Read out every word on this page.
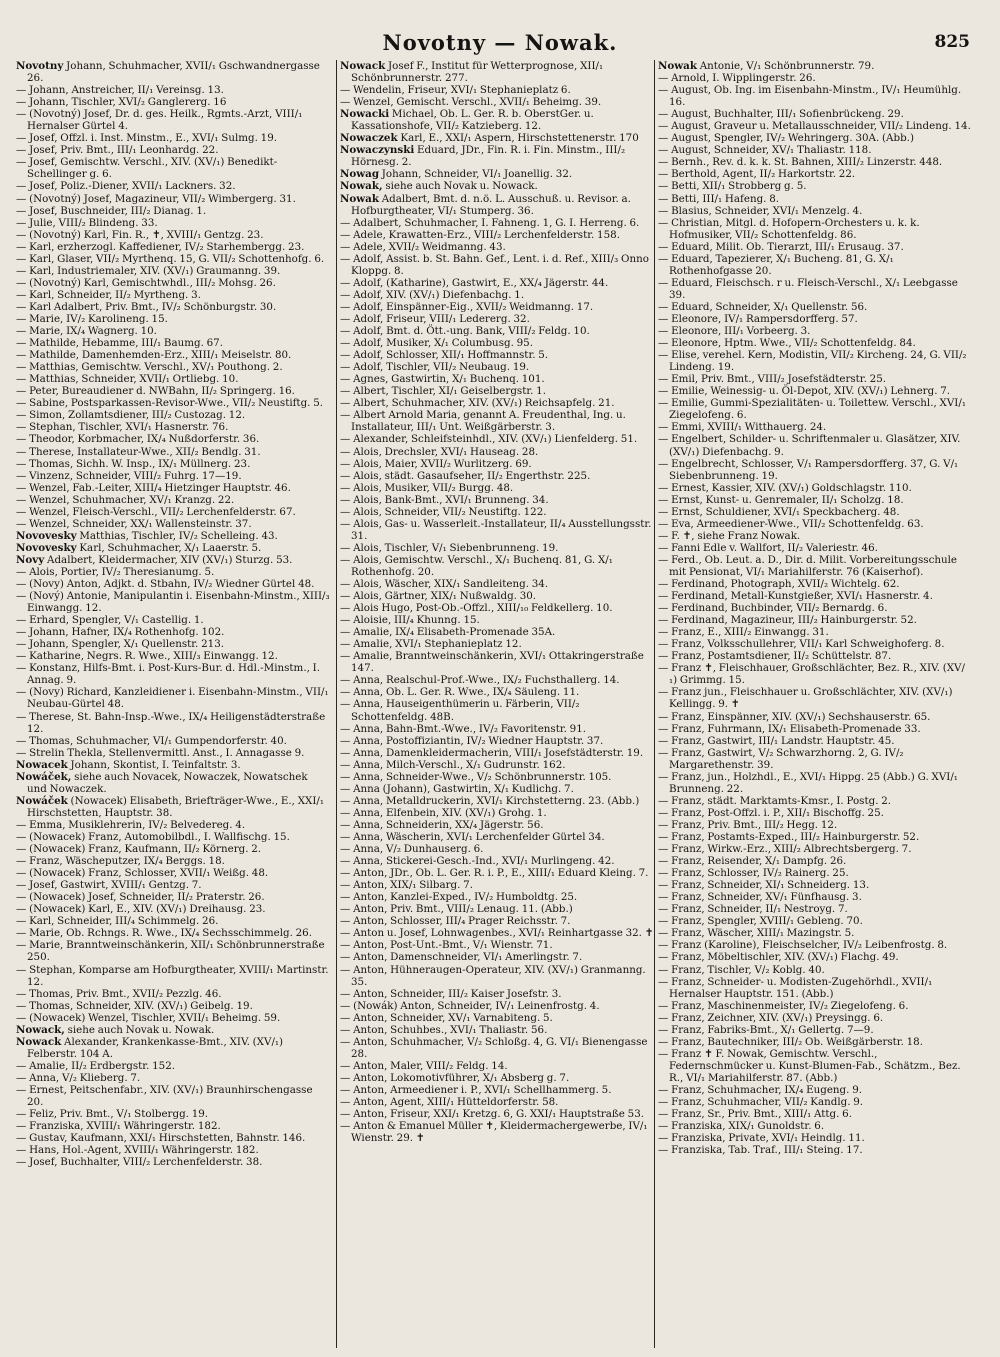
Novotny — Nowak.	825
Novotny Johann, Schuhmacher, XVII/₁ Gschwandnergasse 26.
— Johann, Anstreicher, II/₁ Vereinsg. 13.
— Johann, Tischler, XVI/₂ Ganglererg. 16
— (Novotný) Josef, Dr. d. ges. Heilk., Rgmts.-Arzt, VIII/₁ Hernalser Gürtel 4.
— Josef, Offzl. i. Inst. Minstm., E., XVI/₁ Sulmg. 19.
— Josef, Priv. Bmt., III/₁ Leonhardg. 22.
— Josef, Gemischtw. Verschl., XIV. (XV/₁) Benedikt-Schellinger g. 6.
— Josef, Poliz.-Diener, XVII/₁ Lackners. 32.
— (Novotný) Josef, Magazineur, VII/₂ Wimbergerg. 31.
— Josef, Buschneider, III/₂ Dianag. 1.
— Julie, VIII/₂ Blindeng. 33.
— (Novotný) Karl, Fin. R., ✝, XVIII/₁ Gentzg. 23.
— Karl, erzherzogl. Kaffediener, IV/₂ Starhembergg. 23.
— Karl, Glaser, VII/₂ Myrthenq. 15, G. VII/₂ Schottenhofg. 6.
— Karl, Industriemaler, XIV. (XV/₁) Graumanng. 39.
— (Novotný) Karl, Gemischtwhdl., III/₂ Mohsg. 26.
— Karl, Schneider, II/₂ Myrtheng. 3.
— Karl Adalbert, Priv. Bmt., IV/₂ Schönburgstr. 30.
— Marie, IV/₂ Karolineng. 15.
— Marie, IX/₄ Wagnerg. 10.
— Mathilde, Hebamme, III/₁ Baumg. 67.
— Mathilde, Damenhemden-Erz., XIII/₁ Meiselstr. 80.
— Matthias, Gemischtw. Verschl., XV/₁ Pouthong. 2.
— Matthias, Schneider, XVII/₁ Ortliebg. 10.
— Peter, Bureaudiener d. NWBahn, II/₂ Springerg. 16.
— Sabine, Postsparkassen-Revisor-Wwe., VII/₂ Neustiftg. 5.
— Simon, Zollamtsdiener, III/₂ Custozag. 12.
— Stephan, Tischler, XVI/₁ Hasnerstr. 76.
— Theodor, Korbmacher, IX/₄ Nußdorferstr. 36.
— Therese, Installateur-Wwe., XII/₂ Bendlg. 31.
— Thomas, Sichh. W. Insp., IX/₁ Müllnerg. 23.
— Vinzenz, Schneider, VIII/₂ Fuhrg. 17—19.
— Wenzel, Fab.-Leiter, XIII/₄ Hietzinger Hauptstr. 46.
— Wenzel, Schuhmacher, XV/₁ Kranzg. 22.
— Wenzel, Fleisch-Verschl., VII/₂ Lerchenfelderstr. 67.
— Wenzel, Schneider, XX/₁ Wallensteinstr. 37.
Novovesky Matthias, Tischler, IV/₂ Schelleing. 43.
Novovesky Karl, Schuhmacher, X/₁ Laaerstr. 5.
Novy Adalbert, Kleidermacher, XIV (XV/₁) Sturzg. 53.
— Alois, Portier, IV/₂ Theresianumg. 5.
— (Novy) Anton, Adjkt. d. Stbahn, IV/₂ Wiedner Gürtel 48.
— (Nový) Antonie, Manipulantin i. Eisenbahn-Minstm., XIII/₃ Einwangg. 12.
— Erhard, Spengler, V/₁ Castellig. 1.
— Johann, Hafner, IX/₄ Rothenhofg. 102.
— Johann, Spengler, X/₁ Quellenstr. 213.
— Katharine, Negrs. R. Wwe., XIII/₃ Einwangg. 12.
— Konstanz, Hilfs-Bmt. i. Post-Kurs-Bur. d. Hdl.-Minstm., I. Annag. 9.
— (Novy) Richard, Kanzleidiener i. Eisenbahn-Minstm., VII/₁ Neubau-Gürtel 48.
— Therese, St. Bahn-Insp.-Wwe., IX/₄ Heiligenstädterstraße 12.
— Thomas, Schuhmacher, VI/₁ Gumpendorferstr. 40.
— Strelin Thekla, Stellenvermittl. Anst., I. Annagasse 9.
Nowacek Johann, Skontist, I. Teinfaltstr. 3.
Nowáček, siehe auch Novacek, Nowaczek, Nowatschek und Nowaczek.
Nowáček (Nowacek) Elisabeth, Briefträger-Wwe., E., XXI/₁ Hirschstetten, Hauptstr. 38.
— Emma, Musiklehrerin, IV/₂ Belvedereg. 4.
— (Nowacek) Franz, Automobilbdl., I. Wallfischg. 15.
— (Nowacek) Franz, Kaufmann, II/₂ Körnerg. 2.
— Franz, Wäscheputzer, IX/₄ Berggs. 18.
— (Nowacek) Franz, Schlosser, XVII/₁ Weißg. 48.
— Josef, Gastwirt, XVIII/₁ Gentzg. 7.
— (Nowacek) Josef, Schneider, II/₂ Praterstr. 26.
— (Nowacek) Karl, E., XIV. (XV/₁) Dreihausg. 23.
— Karl, Schneider, III/₄ Schimmelg. 26.
— Marie, Ob. Rchngs. R. Wwe., IX/₄ Sechsschimmelg. 26.
— Marie, Branntweinschänkerin, XII/₁ Schönbrunnerstraße 250.
— Stephan, Komparse am Hofburgtheater, XVIII/₁ Martinstr. 12.
— Thomas, Priv. Bmt., XVII/₂ Pezzlg. 46.
— Thomas, Schneider, XIV. (XV/₁) Geibelg. 19.
— (Nowacek) Wenzel, Tischler, XVII/₁ Beheimg. 59.
Nowack, siehe auch Novak u. Nowak.
Nowack Alexander, Krankenkasse-Bmt., XIV. (XV/₁) Felberstr. 104 A.
— Amalie, II/₂ Erdbergstr. 152.
— Anna, V/₂ Klieberg. 7.
— Ernest, Peitschenfabr., XIV. (XV/₁) Braunhirschengasse 20.
— Feliz, Priv. Bmt., V/₁ Stolbergg. 19.
— Franziska, XVIII/₁ Währingerstr. 182.
— Gustav, Kaufmann, XXI/₁ Hirschstetten, Bahnstr. 146.
— Hans, Hol.-Agent, XVIII/₁ Währingerstr. 182.
— Josef, Buchhalter, VIII/₂ Lerchenfelderstr. 38.
Nowack Josef F., Institut für Wetterprognose, XII/₁ Schönbrunnerstr. 277.
— Wendelin, Friseur, XVI/₁ Stephanieplatz 6.
— Wenzel, Gemischt. Verschl., XVII/₁ Beheimg. 39.
Nowacki Michael, Ob. L. Ger. R. b. OberstGer. u. Kassationshofe, VII/₂ Katzieberg. 12.
Nowaczek Karl, E., XXI/₁ Aspern, Hirschstettenerstr. 170
Nowaczynski Eduard, JDr., Fin. R. i. Fin. Minstm., III/₂ Hörnesg. 2.
Nowag Johann, Schneider, VI/₁ Joanellig. 32.
Nowak, siehe auch Novak u. Nowack.
Nowak Adalbert, Bmt. d. n.ö. L. Ausschuß. u. Revisor. a. Hofburgtheater, VI/₁ Stumperg. 36.
— Adalbert, Schuhmacher, I. Fahneng. 1, G. I. Herreng. 6.
— Adele, Krawatten-Erz., VIII/₂ Lerchenfelderstr. 158.
— Adele, XVII/₂ Weidmanng. 43.
— Adolf, Assist. b. St. Bahn. Gef., Lent. i. d. Ref., XIII/₃ Onno Kloppg. 8.
— Adolf, (Katharine), Gastwirt, E., XX/₄ Jägerstr. 44.
— Adolf, XIV. (XV/₁) Diefenbachg. 1.
— Adolf, Einspänner-Eig., XVII/₂ Weidmanng. 17.
— Adolf, Friseur, VIII/₁ Ledererg. 32.
— Adolf, Bmt. d. Ött.-ung. Bank, VIII/₂ Feldg. 10.
— Adolf, Musiker, X/₁ Columbusg. 95.
— Adolf, Schlosser, XII/₁ Hoffmannstr. 5.
— Adolf, Tischler, VII/₂ Neubaug. 19.
— Agnes, Gastwirtin, X/₁ Buchenq. 101.
— Albert, Tischler, XI/₁ Geiselbergstr. 1.
— Albert, Schuhmacher, XIV. (XV/₁) Reichsapfelg. 21.
— Albert Arnold Maria, genannt A. Freudenthal, Ing. u. Installateur, III/₁ Unt. Weißgärberstr. 3.
— Alexander, Schleifsteinhdl., XIV. (XV/₁) Lienfelderg. 51.
— Alois, Drechsler, XVI/₁ Hauseag. 28.
— Alois, Maier, XVII/₂ Wurlitzerg. 69.
— Alois, städt. Gasaufseher, II/₂ Engerthstr. 225.
— Alois, Musiker, VII/₂ Burgg. 48.
— Alois, Bank-Bmt., XVI/₁ Brunneng. 34.
— Alois, Schneider, VII/₂ Neustiftg. 122.
— Alois, Gas- u. Wasserleit.-Installateur, II/₄ Ausstellungsstr. 31.
— Alois, Tischler, V/₁ Siebenbrunneng. 19.
— Alois, Gemischtw. Verschl., X/₁ Buchenq. 81, G. X/₁ Rothenhofg. 20.
— Alois, Wäscher, XIX/₁ Sandleiteng. 34.
— Alois, Gärtner, XIX/₁ Nußwaldg. 30.
— Alois Hugo, Post-Ob.-Offzl., XIII/₁₀ Feldkellerg. 10.
— Aloisie, III/₄ Khunng. 15.
— Amalie, IX/₄ Elisabeth-Promenade 35A.
— Amalie, XVI/₁ Stephanieplatz 12.
— Amalie, Branntweinschänkerin, XVI/₁ Ottakringerstraße 147.
— Anna, Realschul-Prof.-Wwe., IX/₂ Fuchsthallerg. 14.
— Anna, Ob. L. Ger. R. Wwe., IX/₄ Säuleng. 11.
— Anna, Hauseigenthümerin u. Färberin, VII/₂ Schottenfeldg. 48B.
— Anna, Bahn-Bmt.-Wwe., IV/₂ Favoritenstr. 91.
— Anna, Postoffiziantin, IV/₂ Wiedner Hauptstr. 37.
— Anna, Damenkleidermacherin, VIII/₁ Josefstädterstr. 19.
— Anna, Milch-Verschl., X/₁ Gudrunstr. 162.
— Anna, Schneider-Wwe., V/₂ Schönbrunnerstr. 105.
— Anna (Johann), Gastwirtin, X/₁ Kudlichg. 7.
— Anna, Metalldruckerin, XVI/₁ Kirchstetterng. 23. (Abb.)
— Anna, Elfenbein, XIV. (XV/₁) Grohg. 1.
— Anna, Schneiderin, XX/₄ Jägerstr. 56.
— Anna, Wäscherin, XVI/₁ Lerchenfelder Gürtel 34.
— Anna, V/₂ Dunhauserg. 6.
— Anna, Stickerei-Gesch.-Ind., XVI/₁ Murlingeng. 42.
— Anton, JDr., Ob. L. Ger. R. i. P., E., XIII/₁ Eduard Kleing. 7.
— Anton, XIX/₁ Silbarg. 7.
— Anton, Kanzlei-Exped., IV/₂ Humboldtg. 25.
— Anton, Priv. Bmt., VIII/₂ Lenaug. 11. (Abb.)
— Anton, Schlosser, III/₄ Prager Reichsstr. 7.
— Anton u. Josef, Lohnwagenbes., XVI/₁ Reinhartgasse 32. ✝
— Anton, Post-Unt.-Bmt., V/₁ Wienstr. 71.
— Anton, Damenschneider, VI/₁ Amerlingstr. 7.
— Anton, Hühneraugen-Operateur, XIV. (XV/₁) Granmanng. 35.
— Anton, Schneider, III/₂ Kaiser Josefstr. 3.
— (Nowák) Anton, Schneider, IV/₁ Leinenfrostg. 4.
— Anton, Schneider, XV/₁ Varnabiteng. 5.
— Anton, Schuhbes., XVI/₁ Thaliastr. 56.
— Anton, Schuhmacher, V/₂ Schloßg. 4, G. VI/₁ Bienengasse 28.
— Anton, Maler, VIII/₂ Feldg. 14.
— Anton, Lokomotivführer, X/₁ Absberg g. 7.
— Anton, Armeediener i. P., XVI/₁ Schellhammerg. 5.
— Anton, Agent, XIII/₁ Hütteldorferstr. 58.
— Anton, Friseur, XXI/₁ Kretzg. 6, G. XXI/₁ Hauptstraße 53.
— Anton & Emanuel Müller ✝, Kleidermachergewerbe, IV/₁ Wienstr. 29. ✝
Nowak Antonie, V/₁ Schönbrunnerstr. 79.
— Arnold, I. Wipplingerstr. 26.
— August, Ob. Ing. im Eisenbahn-Minstm., IV/₁ Heumühlg. 16.
— August, Buchhalter, III/₁ Sofienbrückeng. 29.
— August, Graveur u. Metallausschneider, VII/₂ Lindeng. 14.
— August, Spengler, IV/₂ Wehringerg. 30A. (Abb.)
— August, Schneider, XV/₁ Thaliastr. 118.
— Bernh., Rev. d. k. k. St. Bahnen, XIII/₂ Linzerstr. 448.
— Berthold, Agent, II/₂ Harkortstr. 22.
— Betti, XII/₁ Strobberg g. 5.
— Betti, III/₁ Hafeng. 8.
— Blasius, Schneider, XVI/₁ Menzelg. 4.
— Christian, Mitgl. d. Hofopern-Orchesters u. k. k. Hofmusiker, VII/₂ Schottenfeldg. 86.
— Eduard, Milit. Ob. Tierarzt, III/₁ Erusaug. 37.
— Eduard, Tapezierer, X/₁ Bucheng. 81, G. X/₁ Rothenhofgasse 20.
— Eduard, Fleischsch. r u. Fleisch-Verschl., X/₁ Leebgasse 39.
— Eduard, Schneider, X/₁ Quellenstr. 56.
— Eleonore, IV/₁ Rampersdorfferg. 57.
— Eleonore, III/₁ Vorbeerg. 3.
— Eleonore, Hptm. Wwe., VII/₂ Schottenfeldg. 84.
— Elise, verehel. Kern, Modistin, VII/₂ Kircheng. 24, G. VII/₂ Lindeng. 19.
— Emil, Priv. Bmt., VIII/₂ Josefstädterstr. 25.
— Emilie, Weinessig- u. Öl-Depot, XIV. (XV/₁) Lehnerg. 7.
— Emilie, Gummi-Spezialitäten- u. Toilettew. Verschl., XVI/₁ Ziegelofeng. 6.
— Emmi, XVIII/₁ Witthauerg. 24.
— Engelbert, Schilder- u. Schriftenmaler u. Glasätzer, XIV. (XV/₁) Diefenbachg. 9.
— Engelbrecht, Schlosser, V/₁ Rampersdorfferg. 37, G. V/₁ Siebenbrunneng. 19.
— Ernest, Kassier, XIV. (XV/₁) Goldschlagstr. 110.
— Ernst, Kunst- u. Genremaler, II/₁ Scholzg. 18.
— Ernst, Schuldiener, XVI/₁ Speckbacherg. 48.
— Eva, Armeediener-Wwe., VII/₂ Schottenfeldg. 63.
— F. ✝, siehe Franz Nowak.
— Fanni Edle v. Wallfort, II/₂ Valeriestr. 46.
— Ferd., Ob. Leut. a. D., Dir. d. Milit. Vorbereitungsschule mit Pensionat, VI/₁ Mariahilferstr. 76 (Kaiserhof).
— Ferdinand, Photograph, XVII/₂ Wichtelg. 62.
— Ferdinand, Metall-Kunstgießer, XVI/₁ Hasnerstr. 4.
— Ferdinand, Buchbinder, VII/₂ Bernardg. 6.
— Ferdinand, Magazineur, III/₂ Hainburgerstr. 52.
— Franz, E., XIII/₂ Einwangg. 31.
— Franz, Volksschullehrer, VII/₁ Karl Schweighoferg. 8.
— Franz, Postamtsdiener, II/₂ Schüttelstr. 87.
— Franz ✝, Fleischhauer, Großschlächter, Bez. R., XIV. (XV/₁) Grimmg. 15.
— Franz jun., Fleischhauer u. Großschlächter, XIV. (XV/₁) Kellingg. 9. ✝
— Franz, Einspänner, XIV. (XV/₁) Sechshauserstr. 65.
— Franz, Fuhrmann, IX/₁ Elisabeth-Promenade 33.
— Franz, Gastwirt, III/₁ Landstr. Hauptstr. 45.
— Franz, Gastwirt, V/₂ Schwarzhorng. 2, G. IV/₂ Margarethenstr. 39.
— Franz, jun., Holzhdl., E., XVI/₁ Hippg. 25 (Abb.) G. XVI/₁ Brunneng. 22.
— Franz, städt. Marktamts-Kmsr., I. Postg. 2.
— Franz, Post-Offzl. i. P., XII/₁ Bischoffg. 25.
— Franz, Priv. Bmt., III/₂ Hegg. 12.
— Franz, Postamts-Exped., III/₂ Hainburgerstr. 52.
— Franz, Wirkw.-Erz., XIII/₂ Albrechtsbergerg. 7.
— Franz, Reisender, X/₁ Dampfg. 26.
— Franz, Schlosser, IV/₂ Rainerg. 25.
— Franz, Schneider, XI/₁ Schneiderg. 13.
— Franz, Schneider, XV/₁ Fünfhausg. 3.
— Franz, Schneider, II/₁ Nestroyg. 7.
— Franz, Spengler, XVIII/₁ Gebleng. 70.
— Franz, Wäscher, XIII/₁ Mazingstr. 5.
— Franz (Karoline), Fleischselcher, IV/₂ Leibenfrostg. 8.
— Franz, Möbeltischler, XIV. (XV/₁) Flachg. 49.
— Franz, Tischler, V/₂ Koblg. 40.
— Franz, Schneider- u. Modisten-Zugehörhdl., XVII/₁ Hernalser Hauptstr. 151. (Abb.)
— Franz, Maschinenmeister, IV/₂ Ziegelofeng. 6.
— Franz, Zeichner, XIV. (XV/₁) Preysingg. 6.
— Franz, Fabriks-Bmt., X/₁ Gellertg. 7—9.
— Franz, Bautechniker, III/₂ Ob. Weißgärberstr. 18.
— Franz ✝ F. Nowak, Gemischtw. Verschl., Federnschmücker u. Kunst-Blumen-Fab., Schätzm., Bez. R., VI/₁ Mariahilferstr. 87. (Abb.)
— Franz, Schuhmacher, IX/₄ Eugeng. 9.
— Franz, Schuhmacher, VII/₂ Kandlg. 9.
— Franz, Sr., Priv. Bmt., XIII/₁ Attg. 6.
— Franziska, XIX/₁ Gunoldstr. 6.
— Franziska, Private, XVI/₁ Heindlg. 11.
— Franziska, Tab. Traf., III/₁ Steing. 17.
